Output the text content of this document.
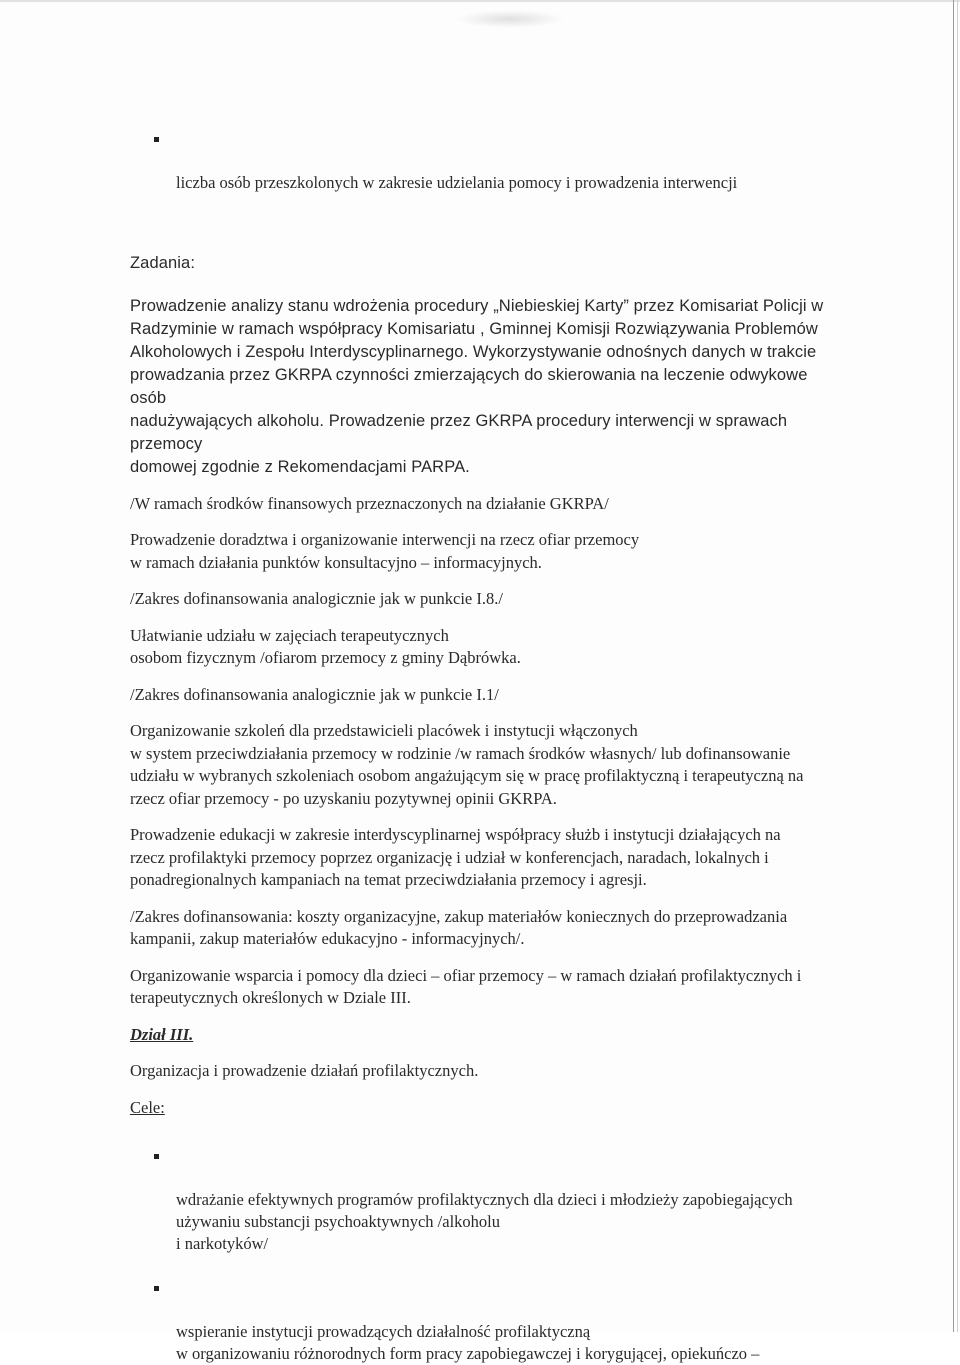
liczba osób przeszkolonych w zakresie udzielania pomocy i prowadzenia interwencji

Zadania:

Prowadzenie analizy stanu wdrożenia procedury „Niebieskiej Karty” przez Komisariat Policji w
Radzyminie w ramach współpracy Komisariatu , Gminnej Komisji Rozwiązywania Problemów
Alkoholowych i Zespołu Interdyscyplinarnego. Wykorzystywanie odnośnych danych w trakcie
prowadzania przez GKRPA czynności zmierzających do skierowania na leczenie odwykowe osób
nadużywających alkoholu. Prowadzenie przez GKRPA procedury interwencji w sprawach przemocy
domowej zgodnie z Rekomendacjami PARPA.

/W ramach środków finansowych przeznaczonych na działanie GKRPA/

Prowadzenie doradztwa i organizowanie interwencji na rzecz ofiar przemocy
w ramach działania punktów konsultacyjno – informacyjnych.

/Zakres dofinansowania analogicznie jak w punkcie I.8./

Ułatwianie udziału w zajęciach terapeutycznych
osobom fizycznym /ofiarom przemocy z gminy Dąbrówka.

/Zakres dofinansowania analogicznie jak w punkcie I.1/

Organizowanie szkoleń dla przedstawicieli placówek i instytucji włączonych
w system przeciwdziałania przemocy w rodzinie /w ramach środków własnych/ lub dofinansowanie
udziału w wybranych szkoleniach osobom angażującym się w pracę profilaktyczną i terapeutyczną na
rzecz ofiar przemocy - po uzyskaniu pozytywnej opinii GKRPA.

Prowadzenie edukacji w zakresie interdyscyplinarnej współpracy służb i instytucji działających na
rzecz profilaktyki przemocy poprzez organizację i udział w konferencjach, naradach, lokalnych i
ponadregionalnych kampaniach na temat przeciwdziałania przemocy i agresji.

/Zakres dofinansowania: koszty organizacyjne, zakup materiałów koniecznych do przeprowadzania
kampanii, zakup materiałów edukacyjno - informacyjnych/.

Organizowanie wsparcia i pomocy dla dzieci – ofiar przemocy – w ramach działań profilaktycznych i
terapeutycznych określonych w Dziale III.

Dział III.

Organizacja i prowadzenie działań profilaktycznych.

Cele:

wdrażanie efektywnych programów profilaktycznych dla dzieci i młodzieży zapobiegających
używaniu substancji psychoaktywnych /alkoholu
i narkotyków/

wspieranie instytucji prowadzących działalność profilaktyczną
w organizowaniu różnorodnych form pracy zapobiegawczej i korygującej, opiekuńczo –
